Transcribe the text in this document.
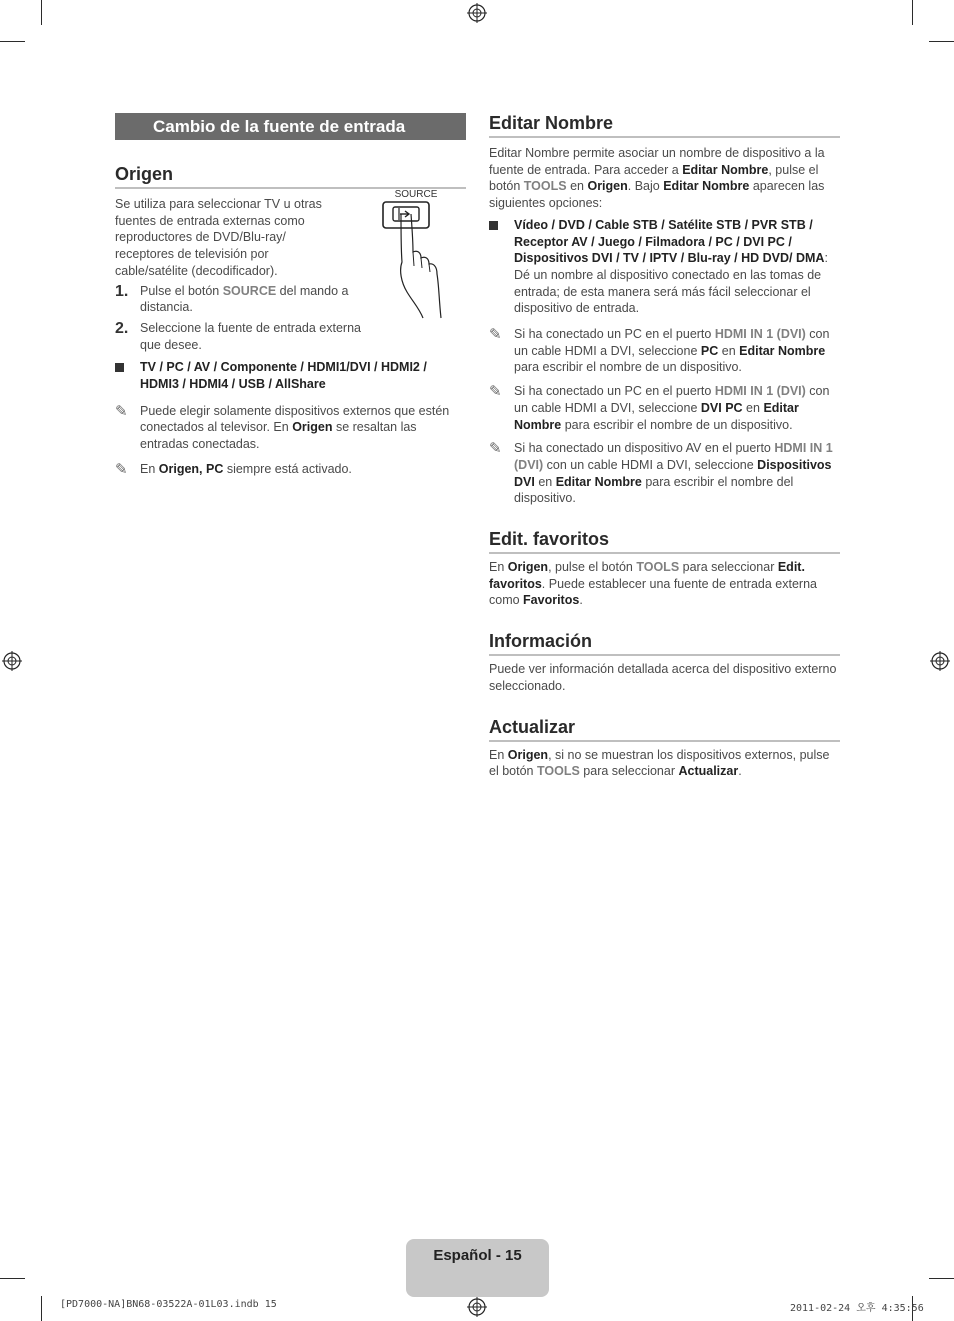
Cambio de la fuente de entrada
Origen

Se utiliza para seleccionar TV u otras fuentes de entrada externas como reproductores de DVD/Blu-ray/ receptores de televisión por cable/satélite (decodificador).

SOURCE
1. Pulse el botón SOURCE del mando a distancia.

2. Seleccione la fuente de entrada externa que desee.

TV / PC / AV / Componente / HDMI1/DVI / HDMI2 / HDMI3 / HDMI4 / USB / AllShare

✎ Puede elegir solamente dispositivos externos que estén conectados al televisor. En Origen se resaltan las entradas conectadas.

✎ En Origen, PC siempre está activado.

Editar Nombre

Editar Nombre permite asociar un nombre de dispositivo a la fuente de entrada. Para acceder a Editar Nombre, pulse el botón TOOLS en Origen. Bajo Editar Nombre aparecen las siguientes opciones:

Vídeo / DVD / Cable STB / Satélite STB / PVR STB / Receptor AV / Juego / Filmadora / PC / DVI PC / Dispositivos DVI / TV / IPTV / Blu-ray / HD DVD/ DMA: Dé un nombre al dispositivo conectado en las tomas de entrada; de esta manera será más fácil seleccionar el dispositivo de entrada.

✎ Si ha conectado un PC en el puerto HDMI IN 1 (DVI) con un cable HDMI a DVI, seleccione PC en Editar Nombre para escribir el nombre de un dispositivo.

✎ Si ha conectado un PC en el puerto HDMI IN 1 (DVI) con un cable HDMI a DVI, seleccione DVI PC en Editar Nombre para escribir el nombre de un dispositivo.

✎ Si ha conectado un dispositivo AV en el puerto HDMI IN 1 (DVI) con un cable HDMI a DVI, seleccione Dispositivos DVI en Editar Nombre para escribir el nombre del dispositivo.

Edit. favoritos

En Origen, pulse el botón TOOLS para seleccionar Edit. favoritos. Puede establecer una fuente de entrada externa como Favoritos.

Información

Puede ver información detallada acerca del dispositivo externo seleccionado.

Actualizar

En Origen, si no se muestran los dispositivos externos, pulse el botón TOOLS para seleccionar Actualizar.

Español - 15
[PD7000-NA]BN68-03522A-01L03.indb 15	2011-02-24 오후 4:35:56
